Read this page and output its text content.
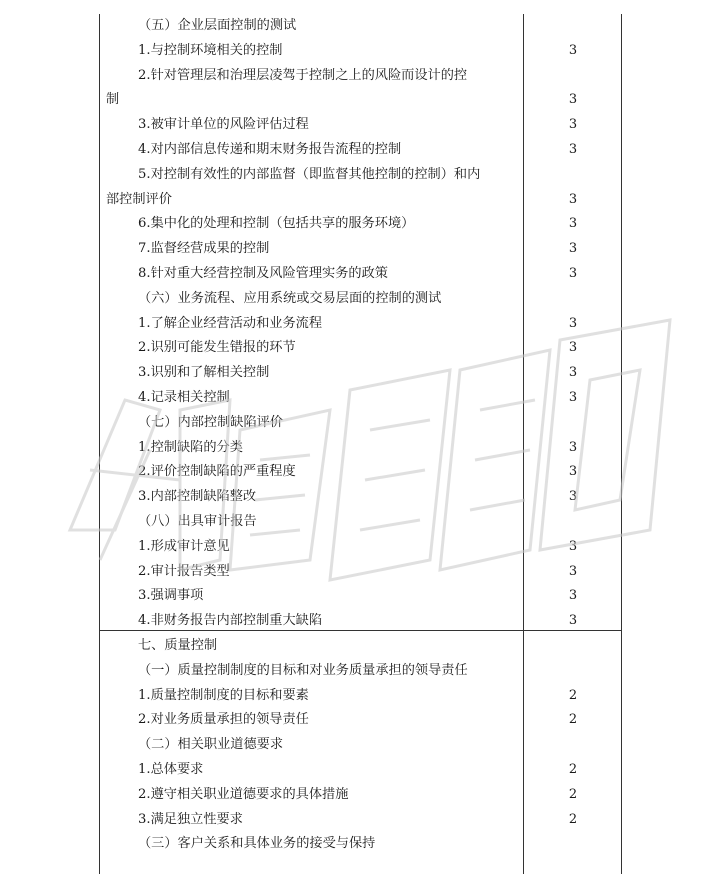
（五）企业层面控制的测试
1.与控制环境相关的控制	3
2.针对管理层和治理层凌驾于控制之上的风险而设计的控
制	3
3.被审计单位的风险评估过程	3
4.对内部信息传递和期末财务报告流程的控制	3
5.对控制有效性的内部监督（即监督其他控制的控制）和内
部控制评价	3
6.集中化的处理和控制（包括共享的服务环境）	3
7.监督经营成果的控制	3
8.针对重大经营控制及风险管理实务的政策	3
（六）业务流程、应用系统或交易层面的控制的测试
1.了解企业经营活动和业务流程	3
2.识别可能发生错报的环节	3
3.识别和了解相关控制	3
4.记录相关控制	3
（七）内部控制缺陷评价
1.控制缺陷的分类	3
2.评价控制缺陷的严重程度	3
3.内部控制缺陷整改	3
（八）出具审计报告
1.形成审计意见	3
2.审计报告类型	3
3.强调事项	3
4.非财务报告内部控制重大缺陷	3
七、质量控制
（一）质量控制制度的目标和对业务质量承担的领导责任
1.质量控制制度的目标和要素	2
2.对业务质量承担的领导责任	2
（二）相关职业道德要求
1.总体要求	2
2.遵守相关职业道德要求的具体措施	2
3.满足独立性要求	2
（三）客户关系和具体业务的接受与保持
